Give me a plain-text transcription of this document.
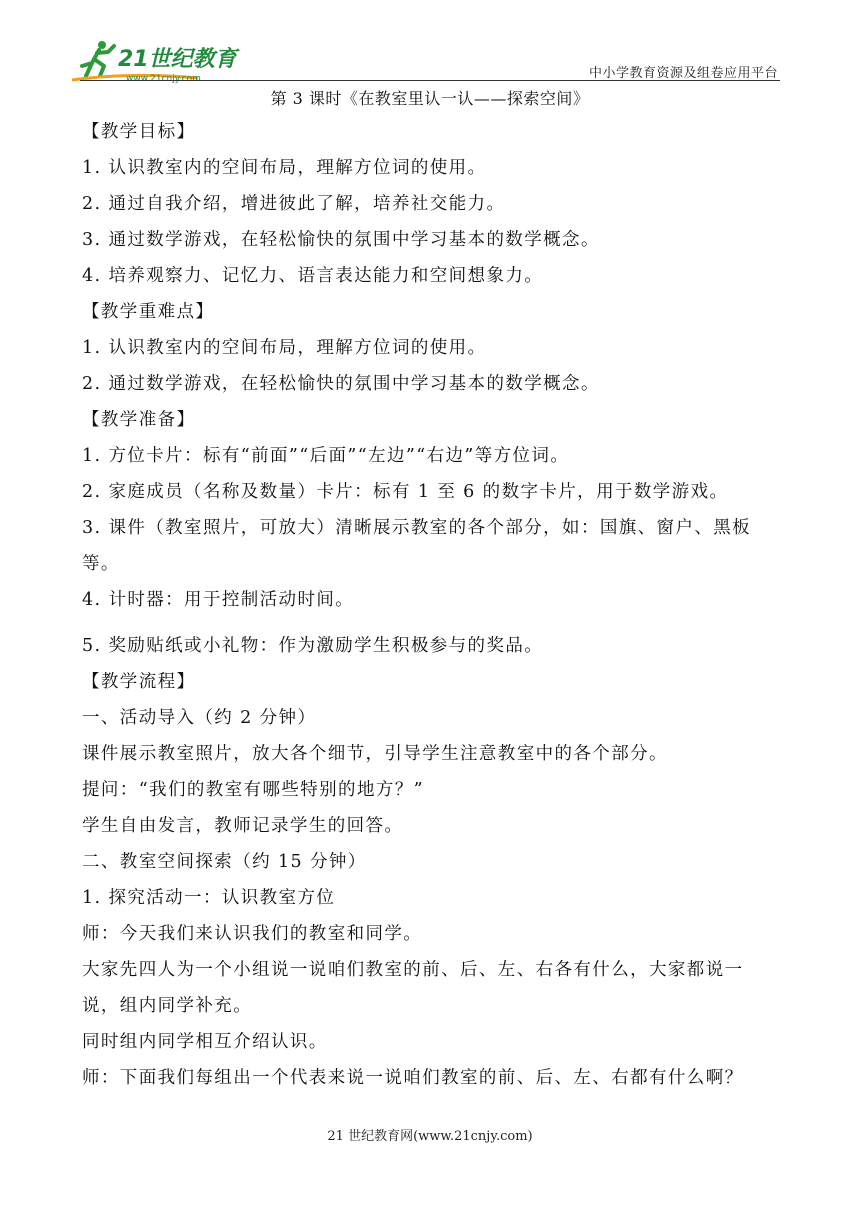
21世纪教育
www.21cnjy.com	中小学教育资源及组卷应用平台
第 3 课时《在教室里认一认——探索空间》

【教学目标】

1. 认识教室内的空间布局，理解方位词的使用。

2. 通过自我介绍，增进彼此了解，培养社交能力。

3. 通过数学游戏，在轻松愉快的氛围中学习基本的数学概念。

4. 培养观察力、记忆力、语言表达能力和空间想象力。

【教学重难点】

1. 认识教室内的空间布局，理解方位词的使用。

2. 通过数学游戏，在轻松愉快的氛围中学习基本的数学概念。

【教学准备】

1. 方位卡片：标有“前面”“后面”“左边”“右边”等方位词。

2. 家庭成员（名称及数量）卡片：标有 1 至 6 的数字卡片，用于数学游戏。

3. 课件（教室照片，可放大）清晰展示教室的各个部分，如：国旗、窗户、黑板等。

4. 计时器：用于控制活动时间。

5. 奖励贴纸或小礼物：作为激励学生积极参与的奖品。

【教学流程】

一、活动导入（约 2 分钟）

课件展示教室照片，放大各个细节，引导学生注意教室中的各个部分。

提问：“我们的教室有哪些特别的地方？”

学生自由发言，教师记录学生的回答。

二、教室空间探索（约 15 分钟）

1. 探究活动一：认识教室方位

师：今天我们来认识我们的教室和同学。

大家先四人为一个小组说一说咱们教室的前、后、左、右各有什么，大家都说一说，组内同学补充。

同时组内同学相互介绍认识。

师：下面我们每组出一个代表来说一说咱们教室的前、后、左、右都有什么啊？

21 世纪教育网(www.21cnjy.com)
